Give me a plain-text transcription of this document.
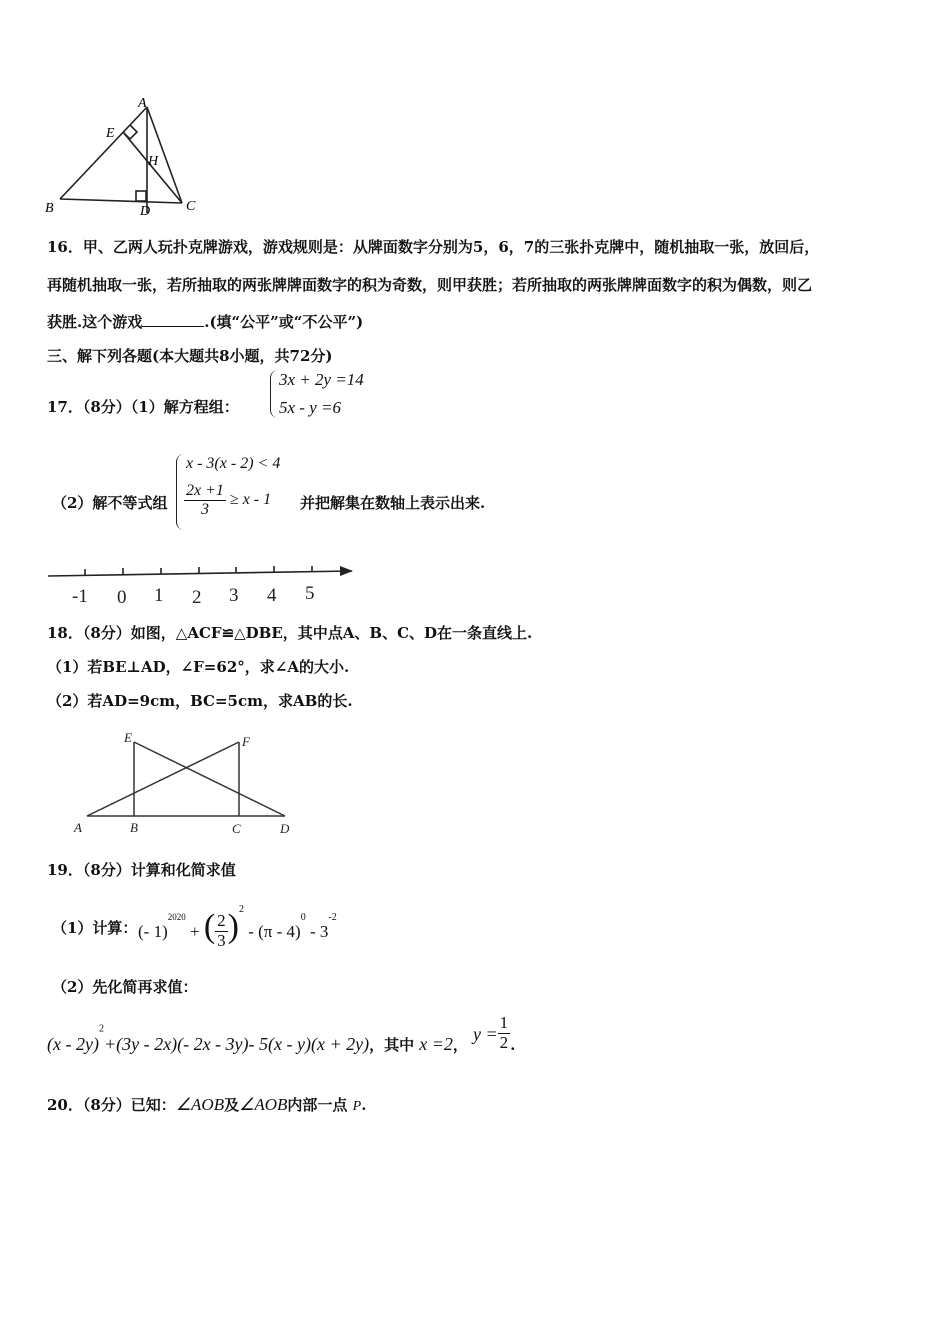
A
E
H
B	D	C
16．甲、乙两人玩扑克牌游戏，游戏规则是：从牌面数字分别为5，6，7的三张扑克牌中，随机抽取一张，放回后，
再随机抽取一张，若所抽取的两张牌牌面数字的积为奇数，则甲获胜；若所抽取的两张牌牌面数字的积为偶数，则乙
获胜.这个游戏	.(填“公平”或“不公平”)
三、解下列各题(本大题共8小题，共72分)
17．（8分）（1）解方程组：
3x + 2y =14
5x - y =6
（2）解不等式组
x - 3(x - 2) < 4
$\frac{2x +1}{3} \ge x - 1$ 并把解集在数轴上表示出来.
-1 0 1 2 3 4 5
18．（8分）如图，△ACF≌△DBE，其中点A、B、C、D在一条直线上.
（1）若BE⊥AD，∠F=62°，求∠A的大小.
（2）若AD=9cm，BC=5cm，求AB的长.
E	F
A	B	C	D
19．（8分）计算和化简求值
（1）计算： (- 1)$^{2020}$ + ( $\frac{2}{3} )^2 - (\pi - 4)^0 - 3^{-2}$
（2）先化简再求值：
(x - 2y)$^2$+(3y - 2x)(- 2x - 3y)- 5(x - y)(x + 2y)，其中 x =2， $y = \frac{1}{2}$ .
20．（8分）已知：∠AOB及∠AOB内部一点 P.
